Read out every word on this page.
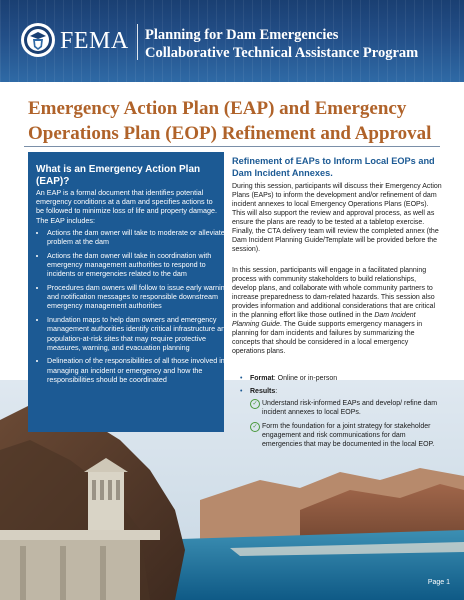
FEMA Planning for Dam Emergencies
Collaborative Technical Assistance Program
Emergency Action Plan (EAP) and Emergency
Operations Plan (EOP) Refinement and Approval
Page 1
What is an Emergency Action Plan (EAP)?

An EAP is a formal document that identifies potential emergency conditions at a dam and specifies actions to be followed to minimize loss of life and property damage. The EAP includes:

• Actions the dam owner will take to moderate or alleviate a problem at the dam
• Actions the dam owner will take in coordination with emergency management authorities to respond to incidents or emergencies related to the dam
• Procedures dam owners will follow to issue early warning and notification messages to responsible downstream emergency management authorities
• Inundation maps to help dam owners and emergency management authorities identify critical infrastructure and population-at-risk sites that may require protective measures, warning, and evacuation planning
• Delineation of the responsibilities of all those involved in managing an incident or emergency and how the responsibilities should be coordinated
Refinement of EAPs to Inform Local EOPs and Dam Incident Annexes.

During this session, participants will discuss their Emergency Action Plans (EAPs) to inform the development and/or refinement of dam incident annexes to local Emergency Operations Plans (EOPs). This will also support the review and approval process, as well as ensure the plans are ready to be tested at a tabletop exercise. Finally, the CTA delivery team will review the completed annex (the Dam Incident Planning Guide/Template will be provided before the session).

In this session, participants will engage in a facilitated planning process with community stakeholders to build relationships, develop plans, and collaborate with whole community partners to increase preparedness to dam-related hazards. This session also provides information and additional considerations that are critical in the planning effort like those outlined in the Dam Incident Planning Guide. The Guide supports emergency managers in planning for dam incidents and failures by summarizing the concepts that should be considered in a local emergency operations plans.

• Format: Online or in-person
• Results:
✓ Understand risk-informed EAPs and develop/ refine dam incident annexes to local EOPs.
✓ Form the foundation for a joint strategy for stakeholder engagement and risk communications for dam emergencies that may be documented in the local EOP.
